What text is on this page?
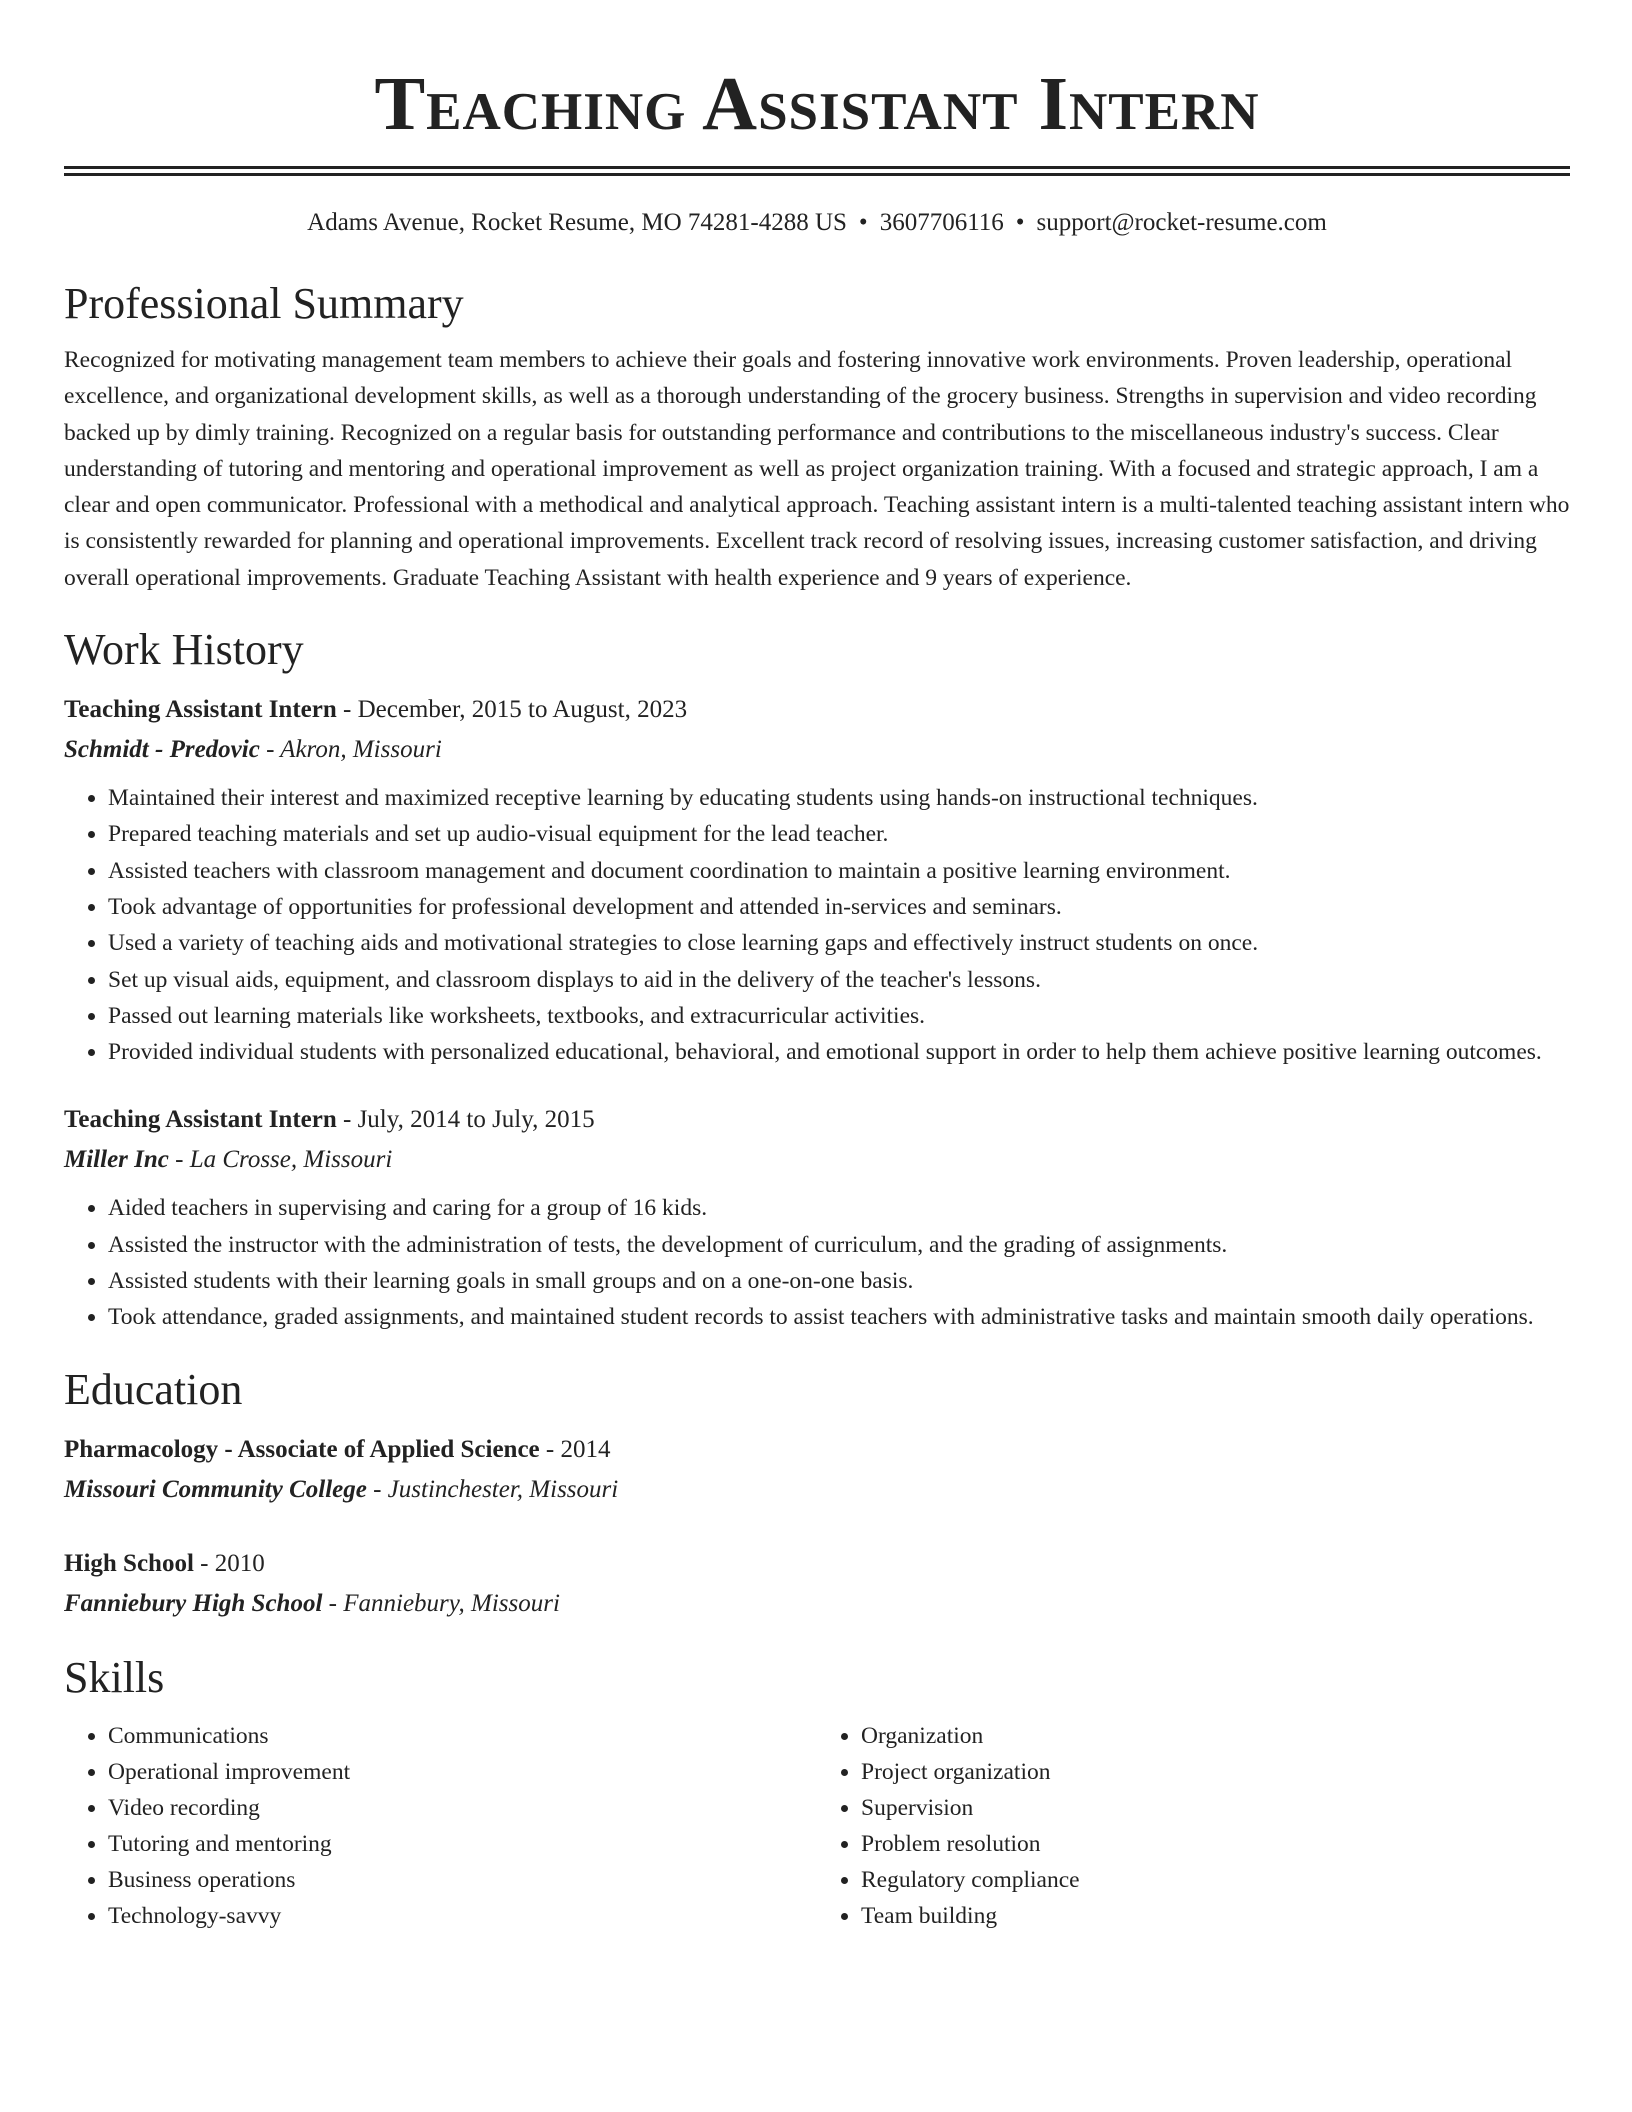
Teaching Assistant Intern
Adams Avenue, Rocket Resume, MO 74281-4288 US • 3607706116 • support@rocket-resume.com
Professional Summary
Recognized for motivating management team members to achieve their goals and fostering innovative work environments. Proven leadership, operational excellence, and organizational development skills, as well as a thorough understanding of the grocery business. Strengths in supervision and video recording backed up by dimly training. Recognized on a regular basis for outstanding performance and contributions to the miscellaneous industry's success. Clear understanding of tutoring and mentoring and operational improvement as well as project organization training. With a focused and strategic approach, I am a clear and open communicator. Professional with a methodical and analytical approach. Teaching assistant intern is a multi-talented teaching assistant intern who is consistently rewarded for planning and operational improvements. Excellent track record of resolving issues, increasing customer satisfaction, and driving overall operational improvements. Graduate Teaching Assistant with health experience and 9 years of experience.
Work History
Teaching Assistant Intern - December, 2015 to August, 2023
Schmidt - Predovic - Akron, Missouri
• Maintained their interest and maximized receptive learning by educating students using hands-on instructional techniques.
• Prepared teaching materials and set up audio-visual equipment for the lead teacher.
• Assisted teachers with classroom management and document coordination to maintain a positive learning environment.
• Took advantage of opportunities for professional development and attended in-services and seminars.
• Used a variety of teaching aids and motivational strategies to close learning gaps and effectively instruct students on once.
• Set up visual aids, equipment, and classroom displays to aid in the delivery of the teacher's lessons.
• Passed out learning materials like worksheets, textbooks, and extracurricular activities.
• Provided individual students with personalized educational, behavioral, and emotional support in order to help them achieve positive learning outcomes.
Teaching Assistant Intern - July, 2014 to July, 2015
Miller Inc - La Crosse, Missouri
• Aided teachers in supervising and caring for a group of 16 kids.
• Assisted the instructor with the administration of tests, the development of curriculum, and the grading of assignments.
• Assisted students with their learning goals in small groups and on a one-on-one basis.
• Took attendance, graded assignments, and maintained student records to assist teachers with administrative tasks and maintain smooth daily operations.
Education
Pharmacology - Associate of Applied Science - 2014
Missouri Community College - Justinchester, Missouri
High School - 2010
Fanniebury High School - Fanniebury, Missouri
Skills
• Communications
• Operational improvement
• Video recording
• Tutoring and mentoring
• Business operations
• Technology-savvy
• Organization
• Project organization
• Supervision
• Problem resolution
• Regulatory compliance
• Team building
